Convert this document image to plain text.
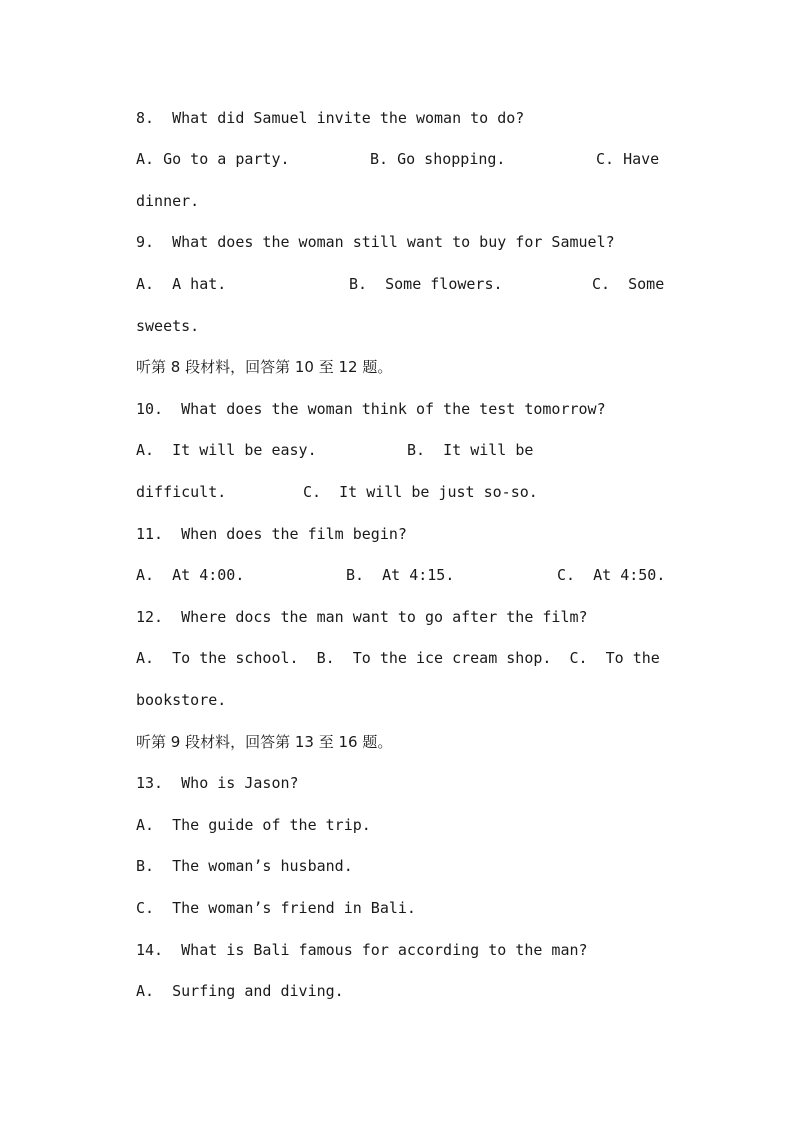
8.  What did Samuel invite the woman to do?

A. Go to a party.

	B. Go shopping.

	C. Have

dinner.
9.  What does the woman still want to buy for Samuel?

A.  A hat.

	B.  Some flowers.

	C.  Some

sweets.
听第 8 段材料，回答第 10 至 12 题。
10.  What does the woman think of the test tomorrow?

A.  It will be easy.

	B.  It will be

difficult.

	C.  It will be just so-so.

11.  When does the film begin?

A.  At 4:00.

	B.  At 4:15.

	C.  At 4:50.

12.  Where docs the man want to go after the film?
A.  To the school.  B.  To the ice cream shop.  C.  To the
bookstore.
听第 9 段材料，回答第 13 至 16 题。
13.  Who is Jason?
A.  The guide of the trip.
B.  The woman’s husband.
C.  The woman’s friend in Bali.
14.  What is Bali famous for according to the man?
A.  Surfing and diving.
